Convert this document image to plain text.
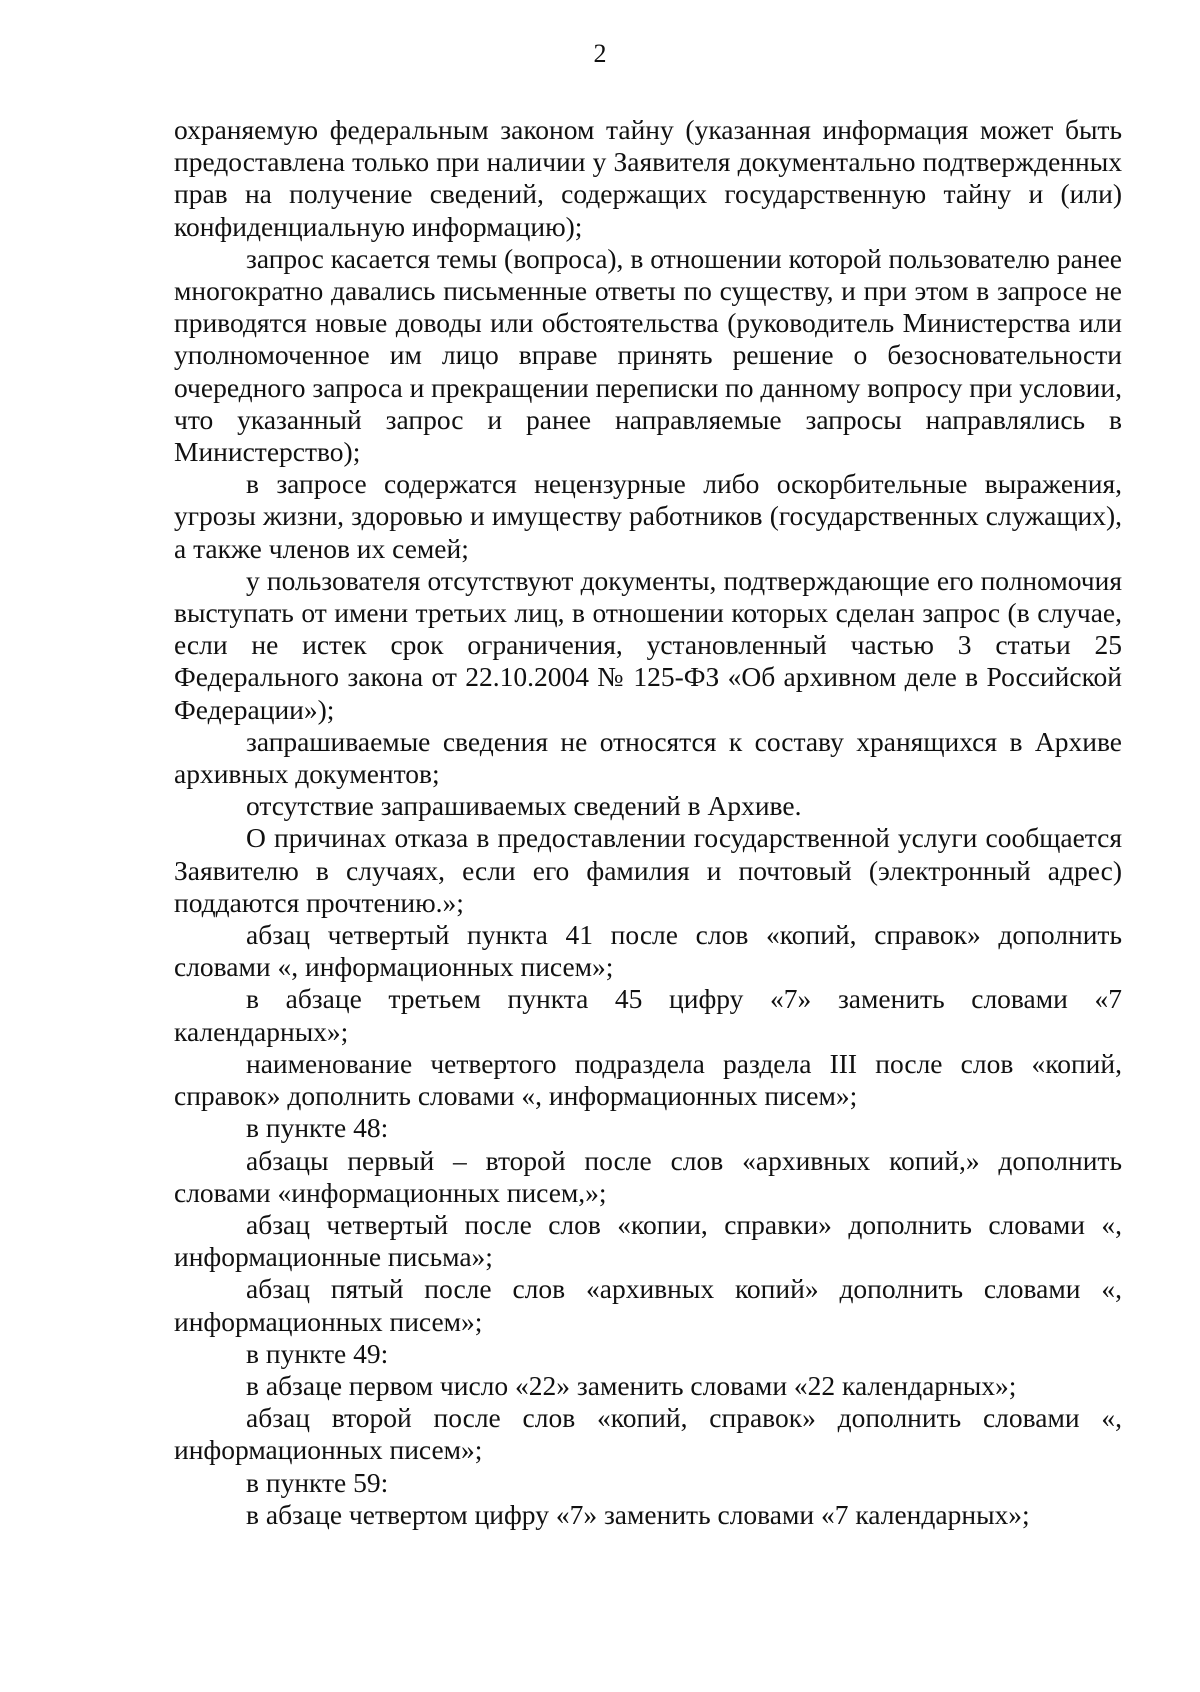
2

охраняемую федеральным законом тайну (указанная информация может быть предоставлена только при наличии у Заявителя документально подтвержденных прав на получение сведений, содержащих государственную тайну и (или) конфиденциальную информацию);

запрос касается темы (вопроса), в отношении которой пользователю ранее многократно давались письменные ответы по существу, и при этом в запросе не приводятся новые доводы или обстоятельства (руководитель Министерства или уполномоченное им лицо вправе принять решение о безосновательности очередного запроса и прекращении переписки по данному вопросу при условии, что указанный запрос и ранее направляемые запросы направлялись в Министерство);

в запросе содержатся нецензурные либо оскорбительные выражения, угрозы жизни, здоровью и имуществу работников (государственных служащих), а также членов их семей;

у пользователя отсутствуют документы, подтверждающие его полномочия выступать от имени третьих лиц, в отношении которых сделан запрос (в случае, если не истек срок ограничения, установленный частью 3 статьи 25 Федерального закона от 22.10.2004 № 125-ФЗ «Об архивном деле в Российской Федерации»);

запрашиваемые сведения не относятся к составу хранящихся в Архиве архивных документов;

отсутствие запрашиваемых сведений в Архиве.

О причинах отказа в предоставлении государственной услуги сообщается Заявителю в случаях, если его фамилия и почтовый (электронный адрес) поддаются прочтению.»;

абзац четвертый пункта 41 после слов «копий, справок» дополнить словами «, информационных писем»;

в абзаце третьем пункта 45 цифру «7» заменить словами «7 календарных»;

наименование четвертого подраздела раздела III после слов «копий, справок» дополнить словами «, информационных писем»;

в пункте 48:

абзацы первый – второй после слов «архивных копий,» дополнить словами «информационных писем,»;

абзац четвертый после слов «копии, справки» дополнить словами «, информационные письма»;

абзац пятый после слов «архивных копий» дополнить словами «, информационных писем»;

в пункте 49:

в абзаце первом число «22» заменить словами «22 календарных»;

абзац второй после слов «копий, справок» дополнить словами «, информационных писем»;

в пункте 59:

в абзаце четвертом цифру «7» заменить словами «7 календарных»;
